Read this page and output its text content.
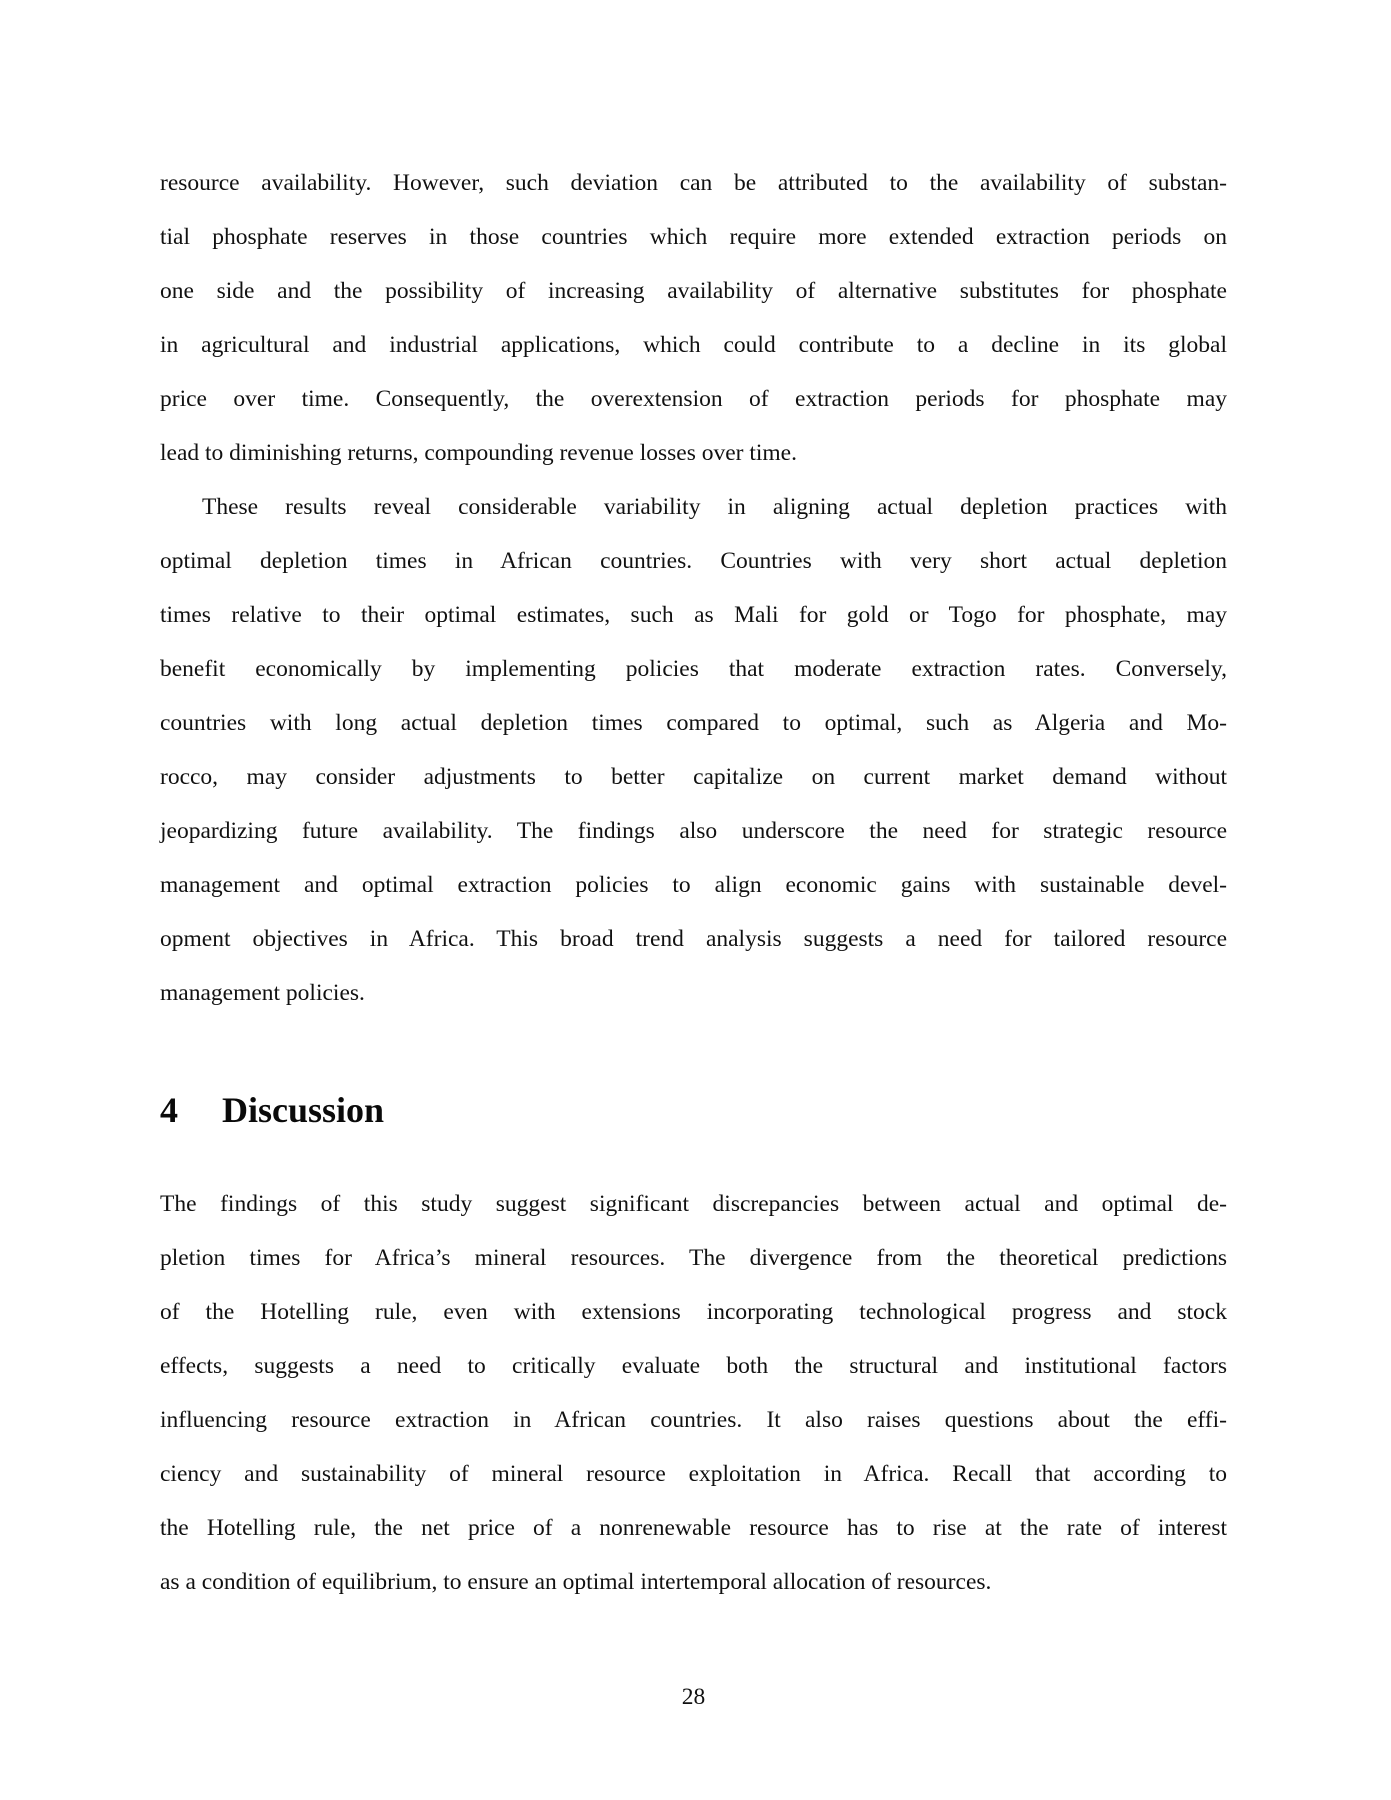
resource availability. However, such deviation can be attributed to the availability of substan-
tial phosphate reserves in those countries which require more extended extraction periods on
one side and the possibility of increasing availability of alternative substitutes for phosphate
in agricultural and industrial applications, which could contribute to a decline in its global
price over time. Consequently, the overextension of extraction periods for phosphate may
lead to diminishing returns, compounding revenue losses over time.

These results reveal considerable variability in aligning actual depletion practices with
optimal depletion times in African countries. Countries with very short actual depletion
times relative to their optimal estimates, such as Mali for gold or Togo for phosphate, may
benefit economically by implementing policies that moderate extraction rates. Conversely,
countries with long actual depletion times compared to optimal, such as Algeria and Mo-
rocco, may consider adjustments to better capitalize on current market demand without
jeopardizing future availability. The findings also underscore the need for strategic resource
management and optimal extraction policies to align economic gains with sustainable devel-
opment objectives in Africa. This broad trend analysis suggests a need for tailored resource
management policies.

4 Discussion

The findings of this study suggest significant discrepancies between actual and optimal de-
pletion times for Africa’s mineral resources. The divergence from the theoretical predictions
of the Hotelling rule, even with extensions incorporating technological progress and stock
effects, suggests a need to critically evaluate both the structural and institutional factors
influencing resource extraction in African countries. It also raises questions about the effi-
ciency and sustainability of mineral resource exploitation in Africa. Recall that according to
the Hotelling rule, the net price of a nonrenewable resource has to rise at the rate of interest
as a condition of equilibrium, to ensure an optimal intertemporal allocation of resources.

28
